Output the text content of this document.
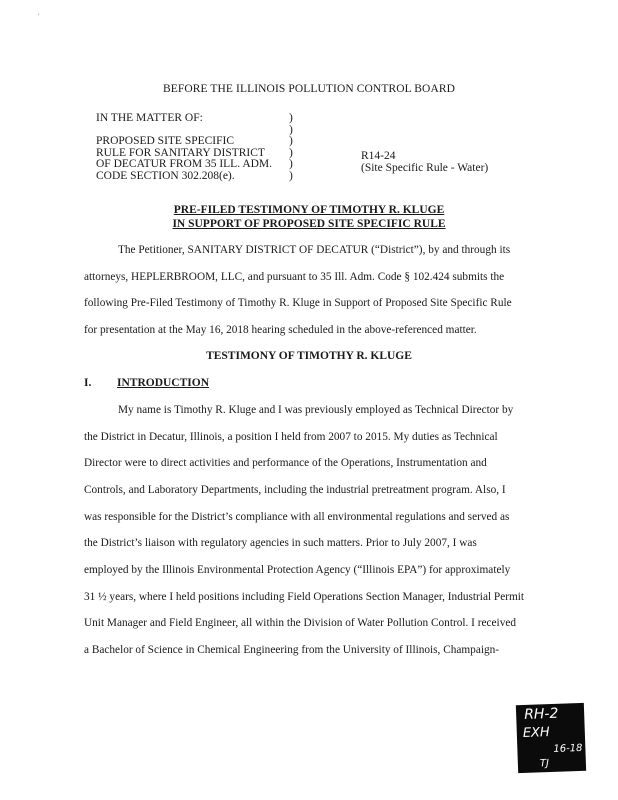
'
BEFORE THE ILLINOIS POLLUTION CONTROL BOARD
IN THE MATTER OF:

PROPOSED SITE SPECIFIC
RULE FOR SANITARY DISTRICT
OF DECATUR FROM 35 ILL. ADM.
CODE SECTION 302.208(e).
)
)
)
)
)
)
R14-24
(Site Specific Rule - Water)
PRE-FILED TESTIMONY OF TIMOTHY R. KLUGE
IN SUPPORT OF PROPOSED SITE SPECIFIC RULE
The Petitioner, SANITARY DISTRICT OF DECATUR (“District”), by and through its
attorneys, HEPLERBROOM, LLC, and pursuant to 35 Ill. Adm. Code § 102.424 submits the
following Pre-Filed Testimony of Timothy R. Kluge in Support of Proposed Site Specific Rule
for presentation at the May 16, 2018 hearing scheduled in the above-referenced matter.
TESTIMONY OF TIMOTHY R. KLUGE
I. INTRODUCTION
My name is Timothy R. Kluge and I was previously employed as Technical Director by
the District in Decatur, Illinois, a position I held from 2007 to 2015. My duties as Technical
Director were to direct activities and performance of the Operations, Instrumentation and
Controls, and Laboratory Departments, including the industrial pretreatment program. Also, I
was responsible for the District’s compliance with all environmental regulations and served as
the District’s liaison with regulatory agencies in such matters. Prior to July 2007, I was
employed by the Illinois Environmental Protection Agency (“Illinois EPA”) for approximately
31 ½ years, where I held positions including Field Operations Section Manager, Industrial Permit
Unit Manager and Field Engineer, all within the Division of Water Pollution Control. I received
a Bachelor of Science in Chemical Engineering from the University of Illinois, Champaign-
RH-2
EXH
16-18
TJ
